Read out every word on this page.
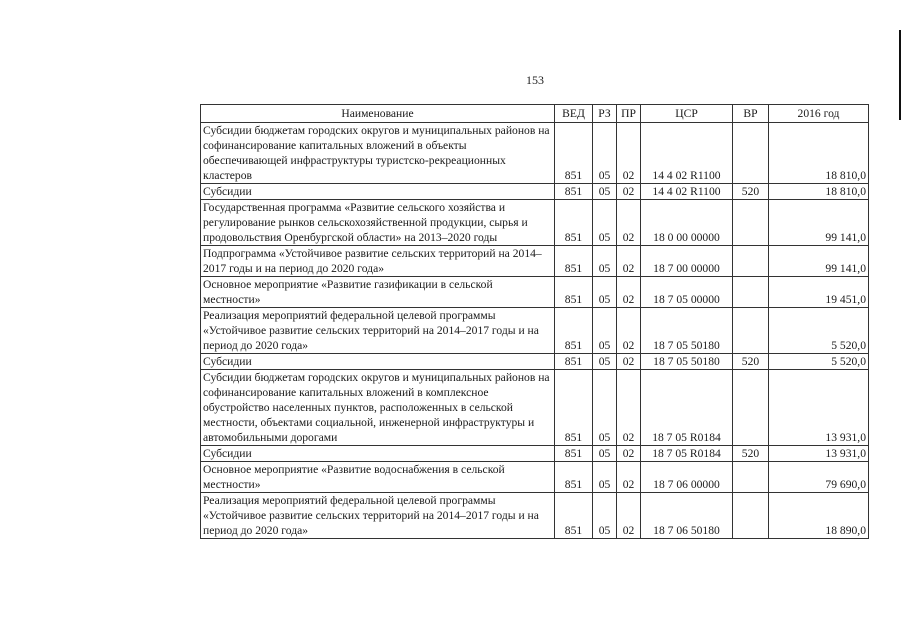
153
Наименование	ВЕД	РЗ	ПР	ЦСР	ВР	2016 год
Субсидии бюджетам городских округов и муниципальных районов на софинансирование капитальных вложений в объекты обеспечивающей инфраструктуры туристско-рекреационных кластеров	851	05	02	14 4 02 R1100		18 810,0
Субсидии	851	05	02	14 4 02 R1100	520	18 810,0
Государственная программа «Развитие сельского хозяйства и регулирование рынков сельскохозяйственной продукции, сырья и продовольствия Оренбургской области» на 2013–2020 годы	851	05	02	18 0 00 00000		99 141,0
Подпрограмма «Устойчивое развитие сельских территорий на 2014–2017 годы и на период до 2020 года»	851	05	02	18 7 00 00000		99 141,0
Основное мероприятие «Развитие газификации в сельской местности»	851	05	02	18 7 05 00000		19 451,0
Реализация мероприятий федеральной целевой программы «Устойчивое развитие сельских территорий на 2014–2017 годы и на период до 2020 года»	851	05	02	18 7 05 50180		5 520,0
Субсидии	851	05	02	18 7 05 50180	520	5 520,0
Субсидии бюджетам городских округов и муниципальных районов на софинансирование капитальных вложений в комплексное обустройство населенных пунктов, расположенных в сельской местности, объектами социальной, инженерной инфраструктуры и автомобильными дорогами	851	05	02	18 7 05 R0184		13 931,0
Субсидии	851	05	02	18 7 05 R0184	520	13 931,0
Основное мероприятие «Развитие водоснабжения в сельской местности»	851	05	02	18 7 06 00000		79 690,0
Реализация мероприятий федеральной целевой программы «Устойчивое развитие сельских территорий на 2014–2017 годы и на период до 2020 года»	851	05	02	18 7 06 50180		18 890,0
